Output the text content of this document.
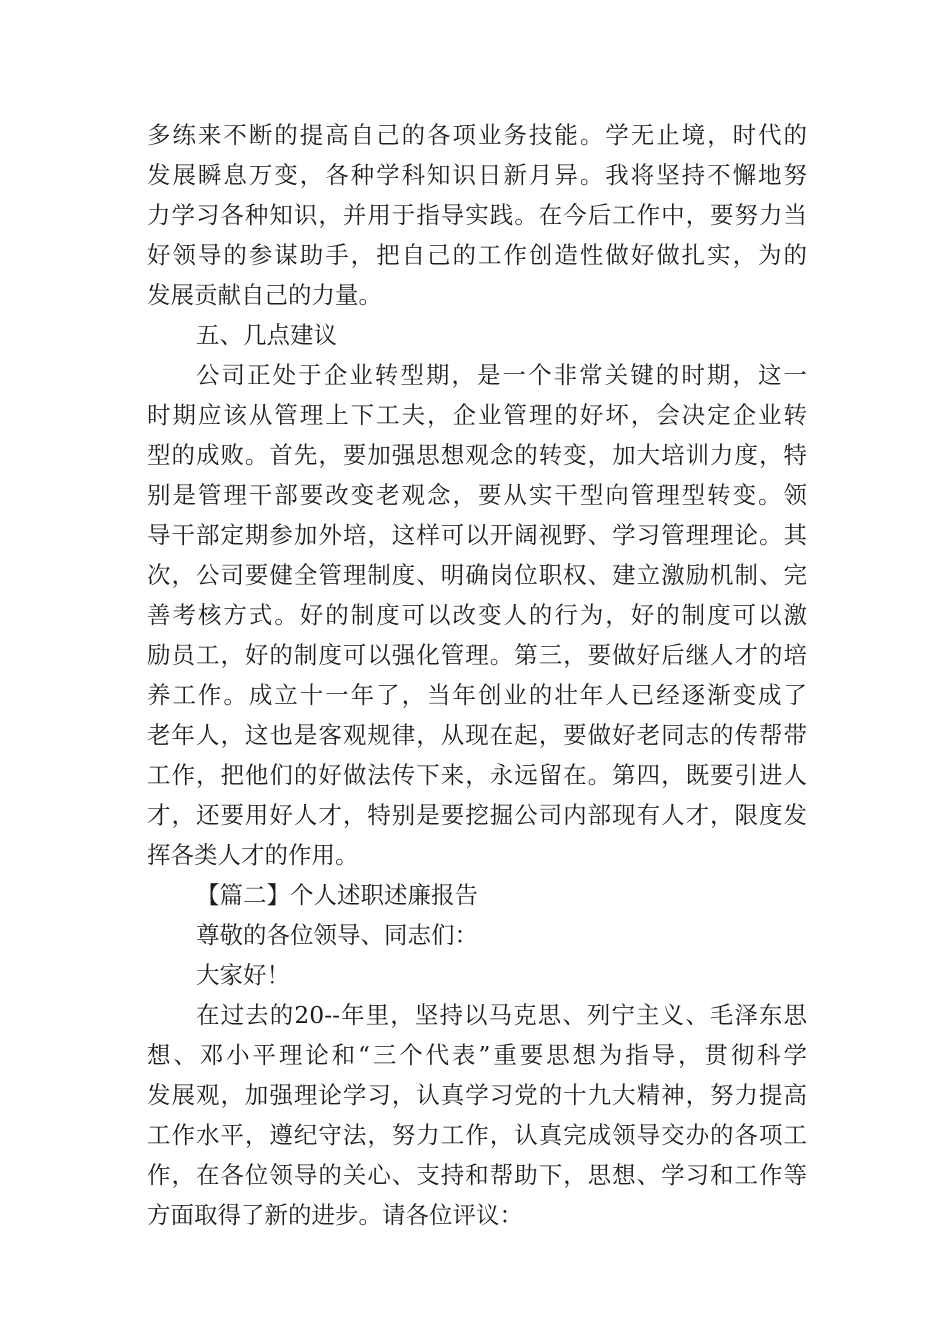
多练来不断的提高自己的各项业务技能。学无止境，时代的
发展瞬息万变，各种学科知识日新月异。我将坚持不懈地努
力学习各种知识，并用于指导实践。在今后工作中，要努力当
好领导的参谋助手，把自己的工作创造性做好做扎实，为的
发展贡献自己的力量。
五、几点建议
公司正处于企业转型期，是一个非常关键的时期，这一
时期应该从管理上下工夫，企业管理的好坏，会决定企业转
型的成败。首先，要加强思想观念的转变，加大培训力度，特
别是管理干部要改变老观念，要从实干型向管理型转变。领
导干部定期参加外培，这样可以开阔视野、学习管理理论。其
次，公司要健全管理制度、明确岗位职权、建立激励机制、完
善考核方式。好的制度可以改变人的行为，好的制度可以激
励员工，好的制度可以强化管理。第三，要做好后继人才的培
养工作。成立十一年了，当年创业的壮年人已经逐渐变成了
老年人，这也是客观规律，从现在起，要做好老同志的传帮带
工作，把他们的好做法传下来，永远留在。第四，既要引进人
才，还要用好人才，特别是要挖掘公司内部现有人才，限度发
挥各类人才的作用。
【篇二】个人述职述廉报告
尊敬的各位领导、同志们：
大家好！
在过去的20--年里，坚持以马克思、列宁主义、毛泽东思
想、邓小平理论和“三个代表”重要思想为指导，贯彻科学
发展观，加强理论学习，认真学习党的十九大精神，努力提高
工作水平，遵纪守法，努力工作，认真完成领导交办的各项工
作，在各位领导的关心、支持和帮助下，思想、学习和工作等
方面取得了新的进步。请各位评议：
